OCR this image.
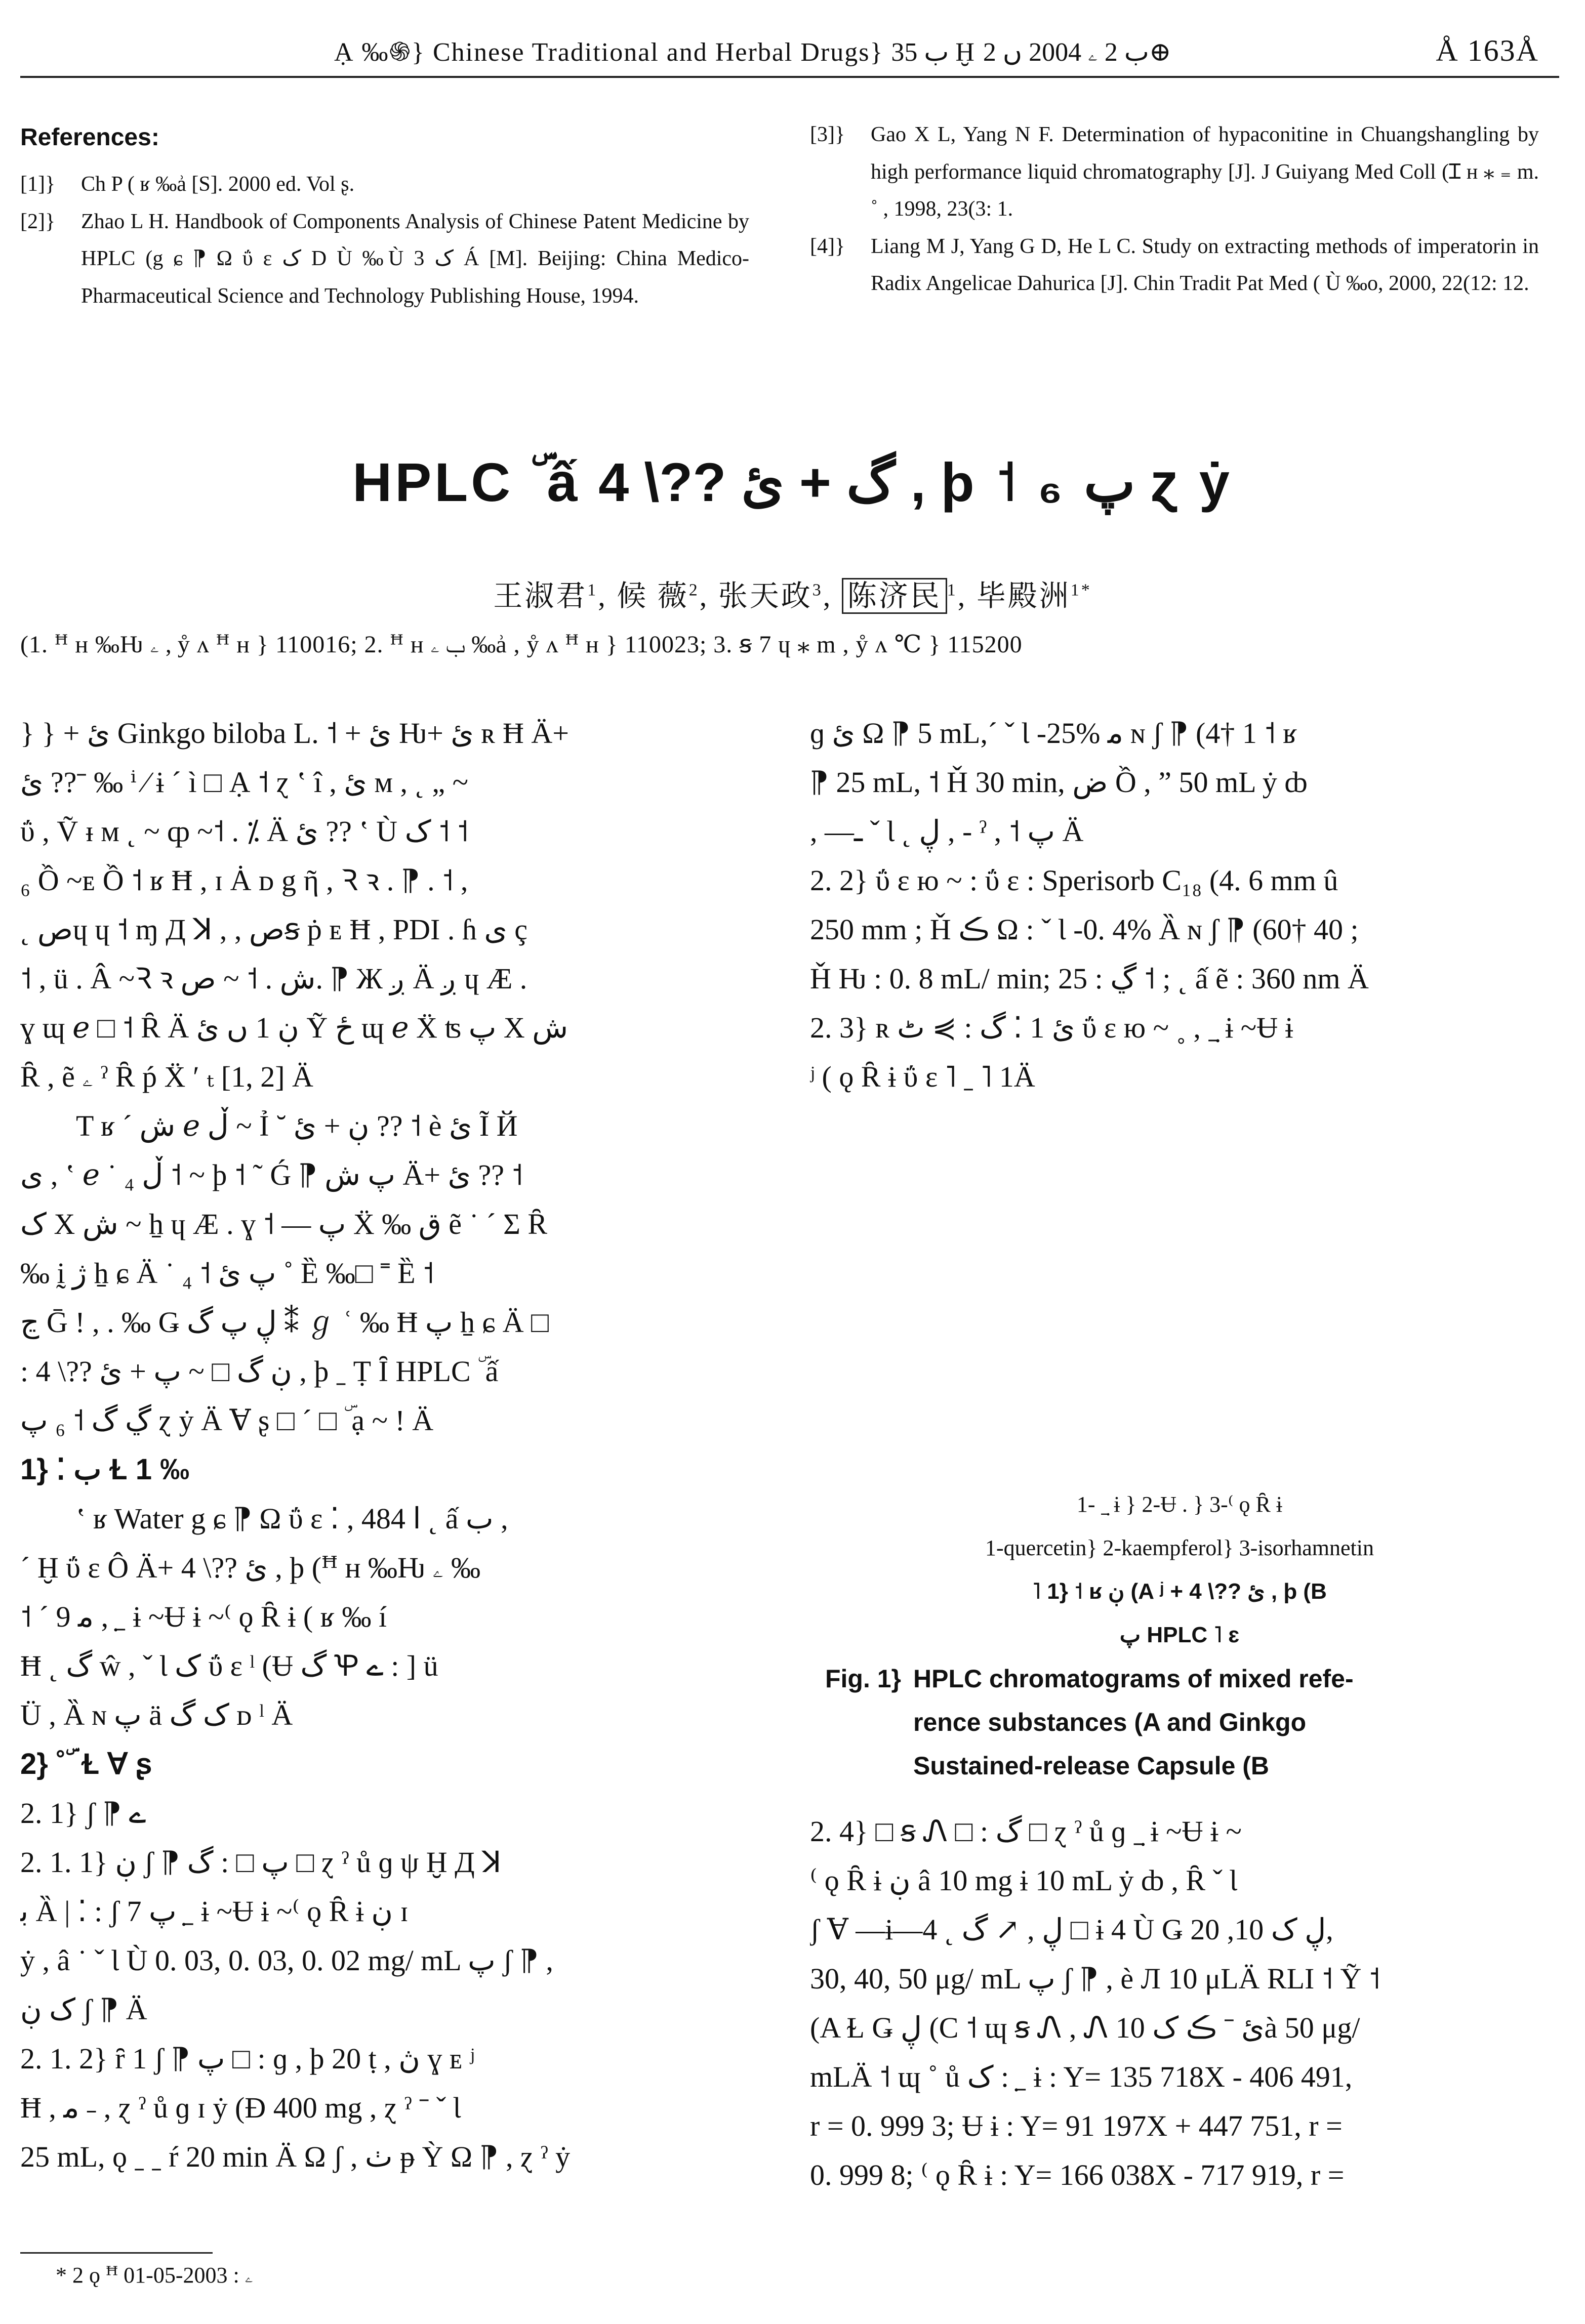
Ạ ‰֍} Chinese Traditional and Herbal Drugs} ب 35 Ḫ ب 2 ۦ 2004 ں 2⊕	Å 163Å
References:
[1]}	Ch P ( ʁ ‰ẚ [S]. 2000 ed. Vol ʂ.
[2]}	Zhao L H. Handbook of Components Analysis of Chinese Patent Medicine by HPLC (g ɕ ⁋ Ω ΰ ɛ ک D Ù ‰Ù ک 3 Á [M]. Beijing: China Medico-Pharmaceutical Science and Technology Publishing House, 1994.
[3]}	Gao X L, Yang N F. Determination of hypaconitine in Chuangshangling by high performance liquid chromatography [J]. J Guiyang Med Coll (Ɪ ʜ ⁎ ₌ m. ˚ , 1998, 23(3: 1.
[4]}	Liang M J, Yang G D, He L C. Study on extracting methods of imperatorin in Radix Angelicae Dahurica [J]. Chin Tradit Pat Med ( Ù ‰o, 2000, 22(12: 12.
HPLC ۜ ấ گ + ئ ??\ 4 , þ ˦ ₆ پ ɀ ẏ
王淑君$^1$, 候 薇$^2$, 张天政$^3$, 陈济民 $^1$, 毕殿洲$^{1*}$
(1. ꟸ ʜ ‰Ƕ ۦ , ẙ ʌ ꟸ ʜ } 110016; 2. ꟸ ʜ ب ۦ ‰ẚ , ẙ ʌ ꟸ ʜ } 110023; 3. ꞩ 7 ɥ ⁎ m , ẙ ʌ ℃ } 115200
} } + ئ Ginkgo biloba L. ˦ + ئ Ƕ+ ئ ʀ Ħ Ä+
ئ ??ˉ ‰ ⁱ ⁄ ɨ ´ ì □ Ạ ˦ ɀ ʽ î , ئ ᴍ , ˛ „ ~
ΰ , Ṽ ᵻ ᴍ ˛ ~ ȹ ~˦ . ⁒ Ä ئ ?? ʽ Ù ک ˦ ˦
₆ Ồ ~ᴇ Ồ ˦ ʁ Ħ , ɪ Ȧ ᴅ g ῆ , Ꝛ ꝛ . ⁋ . ˦ ,
˛ صɥ ɥ ˦ ɱ Д ꓘ , , صꞩ ṗ ᴇ Ħ , PDI . ɦ ی ç
˦ , ü . Â ~Ꝛ ꝛ ش . ˦ ~ ص. ⁋ Ж ږ Ä ږ ɥ Æ .
ɣ ɰ ℯ □ ˦ Ȓ Ä ڹ 1 ں ئ Ỹ ځ ɰ ℯ Ẍ ʦ پ X ش
Ȓ , ẽ ۦ ˀ Ȓ ṕ Ẍ ʹ ₜ [1, 2] Ä
T ʁ ˊ ش ℯ ڵ ~ Ỉ ˘ ڹ + ئ ?? ˦ è ئ Ĩ Й
ی , ʽ ℯ ˙ ₄ ڵ ˦ ~ þ ˦ ˜ Ǵ ⁋ پ ش Ä+ ئ ?? ˦
ک X ش ~ ẖ ɥ Æ . ɣ ˦ — پ Ẍ ‰ ق ẽ ˙ ˊ Σ Ȓ
‰ ḭ ژ ẖ ɕ Ä ˙ ₄ ˦ پ ئ ˚ Ȅ ‰□ ˭ Ȅ ˦
ڃ Ḡ ! , . ‰ Ǥ ڸ پ گ ⁑ ℊ ʿ ‰ Ħ پ ẖ ɕ Ä □
: ڹ گ □ ~ پ + ئ ??\ 4 , þ ˍ Ṭ Ȋ HPLC ۜ ấ
ڲ گ ˦ ₆ پ ɀ ẏ Ä Ɐ ʂ □ ˊ □ ۜ ạ ~ ! Ä
1} ⁚ ب Ɫ 1 ‰
ʽ ʁ Water g ɕ ⁋ Ω ΰ ɛ ⁚ , 484 ا ˛ ấ ب ,
ˊ Ḫ ΰ ɛ Ô Ä+ ئ ??\ 4 , þ (ꟸ ʜ ‰Ƕ ۦ ‰
˦ ˊ ﻣ 9 , ˍ̣ ɨ ~Ʉ ɨ ~⁽ ǫ Ȓ ɨ ( ʁ ‰ í
Ħ ˛ گ ŵ , ˇ Ɩ ک ΰ ɛ ˡ (Ʉ گ Ꝕ ے : ] ü
Ü , Ȁ ɴ پ ä ک گ ᴅ ˡ Ä
2} ˚ ۜ Ɫ Ɐ ʂ
2. 1} ʃ ⁋ ے
2. 1. 1} ڹ ʃ ⁋ پ □ : گ □ ɀ ˀ ů ɡ ψ Ḫ Д ꓘ
ﺑ Ȁ | ⁚ : ʃ 7 پ ˍ̣ ɨ ~Ʉ ɨ ~⁽ ǫ Ȓ ɨ ڹ ɪ
ẏ , â ˙ ˇ Ɩ Ù 0. 03, 0. 03, 0. 02 mg/ mL پ ʃ ⁋ ,
ک ڹ ʃ ⁋ Ä
2. 1. 2} ȓ 1 ʃ ⁋ پ □ : ɡ , þ 20 ṭ , ڽ ɣ ᴇ ʲ
Ħ , ﻣ ˗ , ɀ ˀ ů ɡ ɪ ẏ (Ɖ 400 mg , ɀ ˀ ˉ ˇ Ɩ
25 mL, ǫ ˍ ˍ ŕ 20 min Ä Ω ʃ , ٺ ᵽ Ỳ Ω ⁋ , ɀ ˀ ẏ
ɡ ئ Ω ⁋ 5 mL,ˊ ˇ Ɩ -25% ﻣ ɴ ʃ ⁋ (4† 1 ˦ ʁ
⁋ 25 mL, ˦ Ȟ 30 min, ض Ồ , ˮ 50 mL ẏ ȸ
, —ـ ˇ Ɩ ˛ ڸ , - ˀ , ˦ پ Ä
2. 2} ΰ ɛ ю ~ : ΰ ɛ : Sperisorb C₁₈ (4. 6 mm û
250 mm ; Ȟ ڪ Ω : ˇ Ɩ -0. 4% Ȁ ɴ ʃ ⁋ (60† 40 ;
Ȟ Ƕ : 0. 8 mL/ min; ڲ : 25 ˦ ; ˛ ấ ẽ : 360 nm Ä
2. 3} ʀ ئ 1 ⁚ گ : ⋟ ٹ ΰ ɛ ю ~ ˳ , ˍ̣ ɨ ~Ʉ ɨ
ʲ ( ǫ Ȓ ɨ ΰ ɛ ˥ ˍ ˥ 1Ä
1- ˍ̣ ɨ } 2-Ʉ . } 3-⁽ ǫ Ȓ ɨ
1-quercetin} 2-kaempferol} 3-isorhamnetin
˥ 1} ˦ ʁ ڹ (A ʲ + ئ ??\ 4 , þ (B
پ HPLC ˥ ɛ
Fig. 1} HPLC chromatograms of mixed refe-
rence substances (A and Ginkgo
Sustained-release Capsule (B
2. 4} □ ꞩ Ꮑ □ : گ □ ɀ ˀ ů ɡ ˍ̣ ɨ ~Ʉ ɨ ~
⁽ ǫ Ȓ ɨ ڹ â 10 mg ɨ 10 mL ẏ ȸ , Ȓ ˇ Ɩ
ʃ Ɐ —ɨ—4 ˛ ڸ , ↗ گ □ ɨ 4 Ù Ǥ ڸ ک 10, 20,
30, 40, 50 μg/ mL پ ʃ ⁋ , è Л 10 μLÄ RLI ˦ Ỹ ˦
(A Ɫ Ǥ ڸ (C ˦ ɰ ꞩ Ꮑ , Ꮑ ئ ˉ ڪ ک 10à 50 μg/
mLÄ ˦ ɰ ˚ ů ک : ˍ̣ ɨ : Y= 135 718X - 406 491,
r = 0. 999 3; Ʉ ɨ : Y= 91 197X + 447 751, r =
0. 999 8; ⁽ ǫ Ȓ ɨ : Y= 166 038X - 717 919, r =
* 2 ǫ ꟸ ۦ : 2003-05-01
